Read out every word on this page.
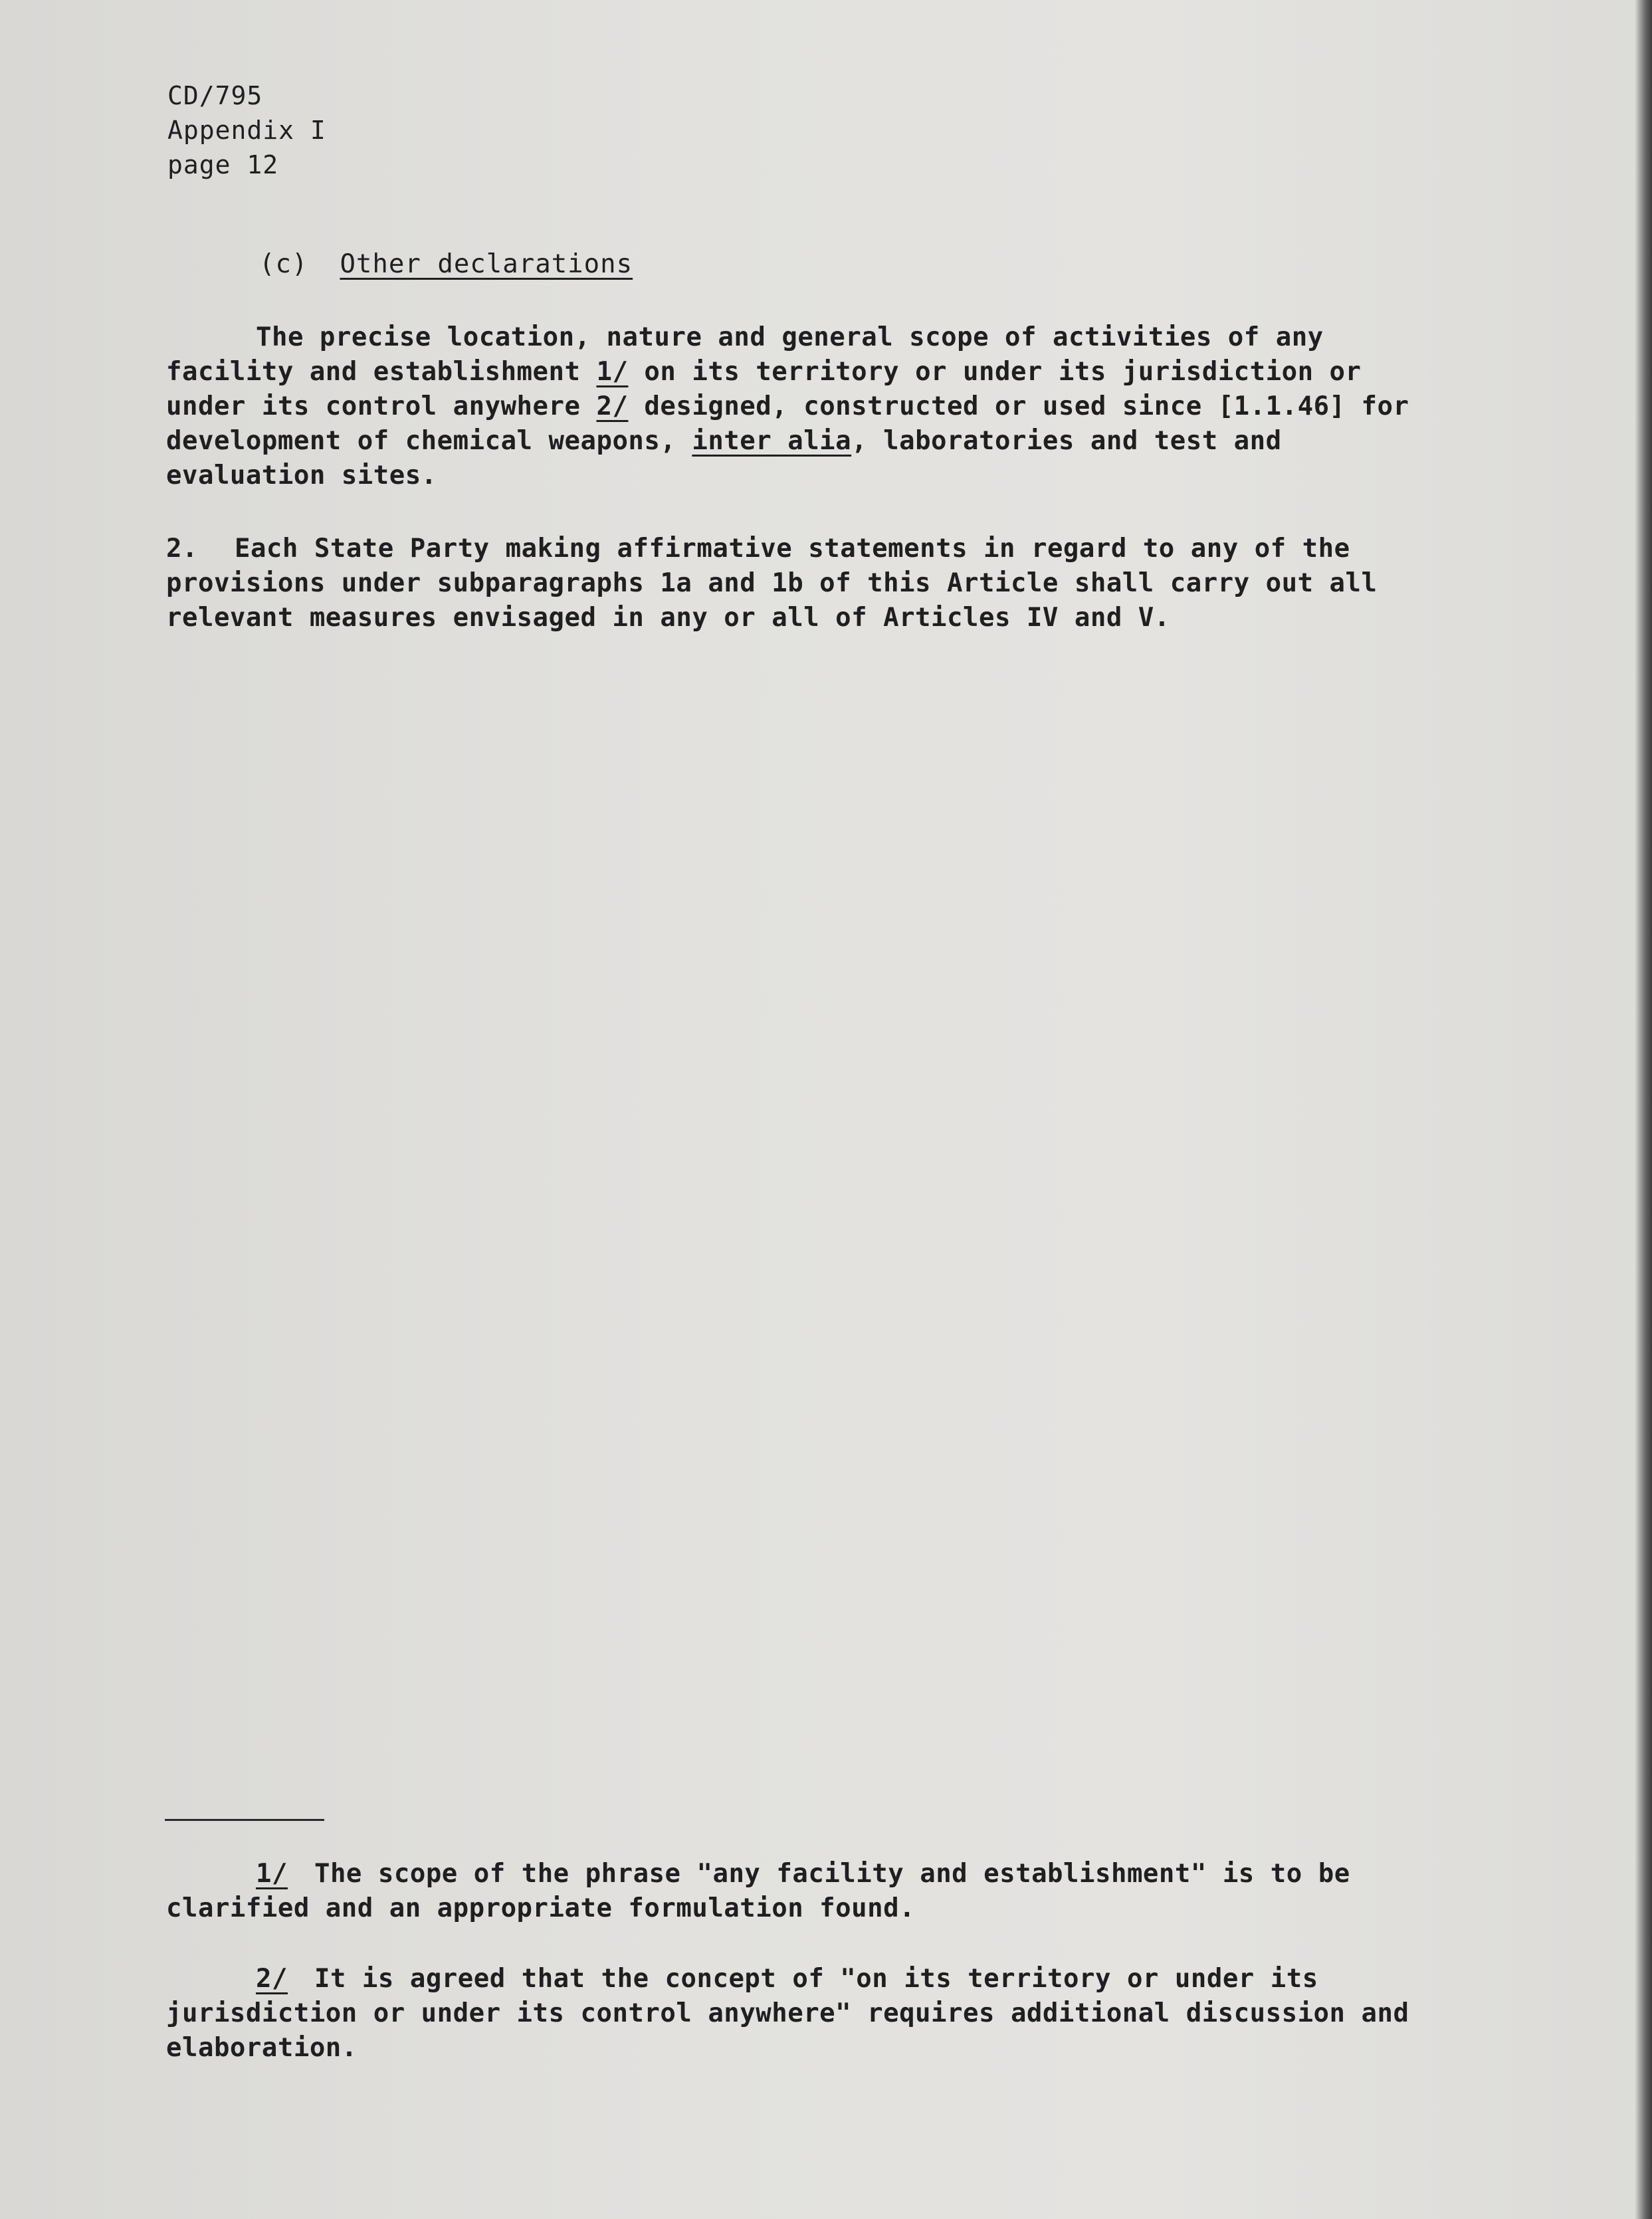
CD/795
Appendix I
page 12
(c) Other declarations
The precise location, nature and general scope of activities of any
facility and establishment 1/ on its territory or under its jurisdiction or
under its control anywhere 2/ designed, constructed or used since [1.1.46] for
development of chemical weapons, inter alia, laboratories and test and
evaluation sites.
2. Each State Party making affirmative statements in regard to any of the
provisions under subparagraphs 1a and 1b of this Article shall carry out all
relevant measures envisaged in any or all of Articles IV and V.
1/ The scope of the phrase "any facility and establishment" is to be
clarified and an appropriate formulation found.
2/ It is agreed that the concept of "on its territory or under its
jurisdiction or under its control anywhere" requires additional discussion and
elaboration.
